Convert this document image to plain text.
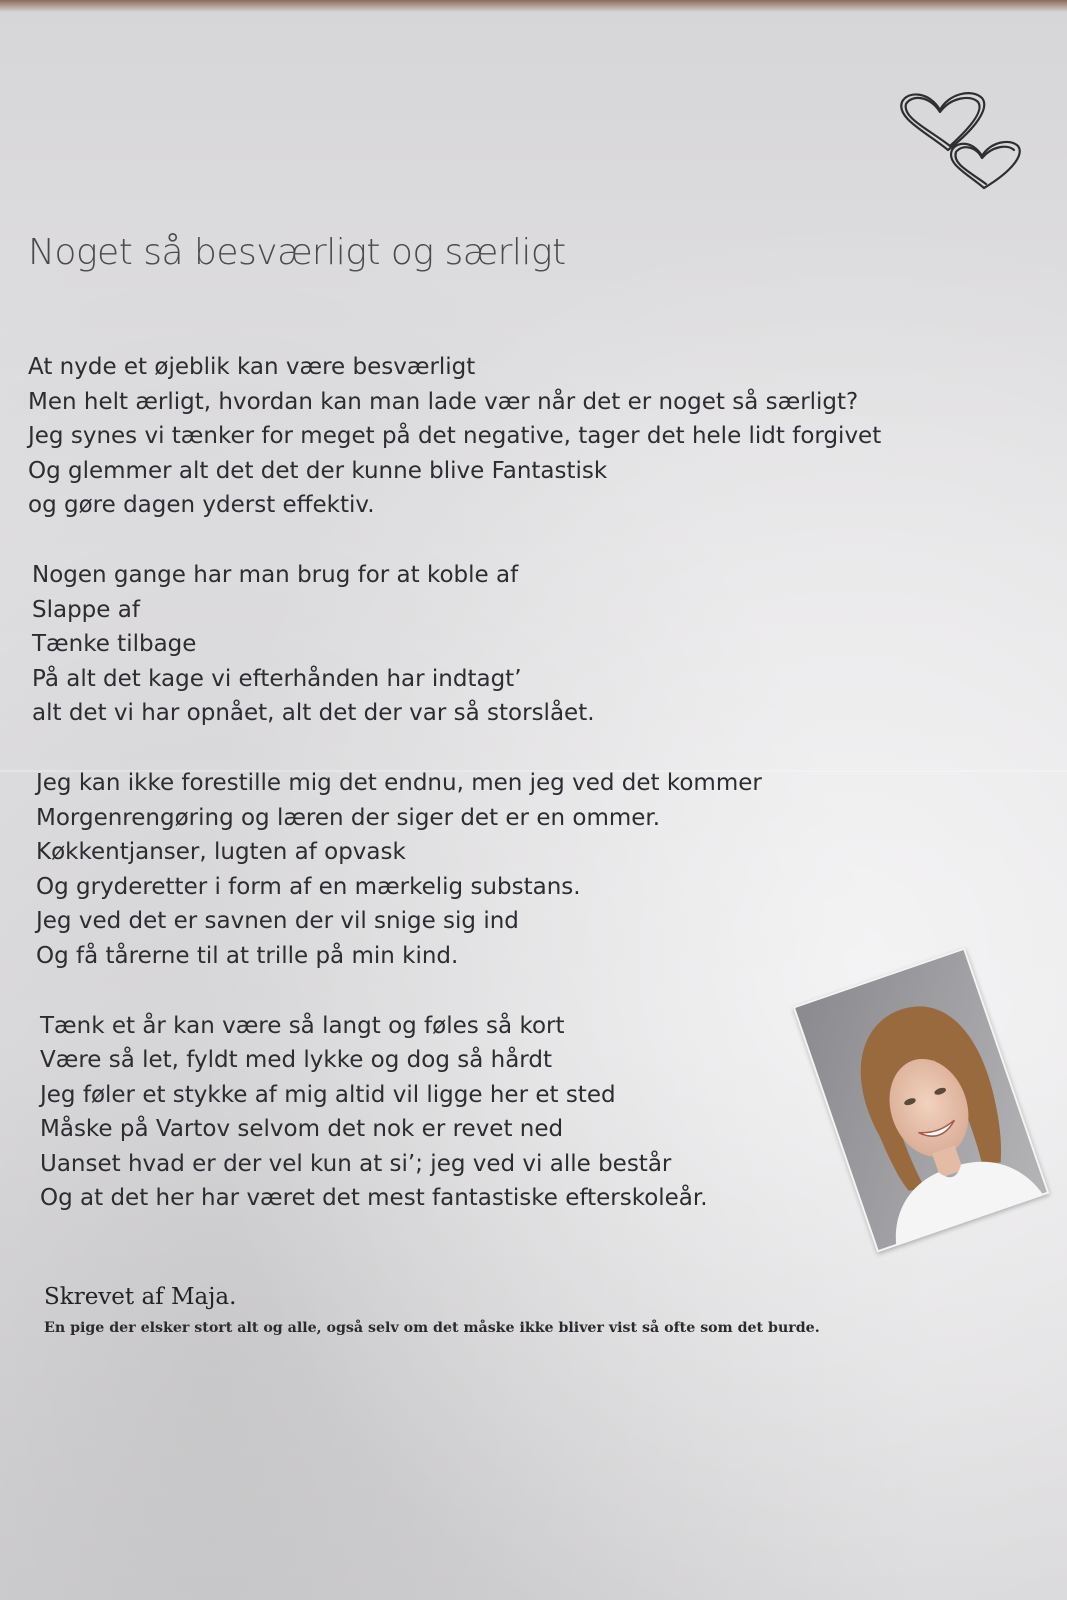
Noget så besværligt og særligt
At nyde et øjeblik kan være besværligt
Men helt ærligt, hvordan kan man lade vær når det er noget så særligt?
Jeg synes vi tænker for meget på det negative, tager det hele lidt forgivet
Og glemmer alt det det der kunne blive Fantastisk
og gøre dagen yderst effektiv.
Nogen gange har man brug for at koble af
Slappe af
Tænke tilbage
På alt det kage vi efterhånden har indtagt’
alt det vi har opnået, alt det der var så storslået.
Jeg kan ikke forestille mig det endnu, men jeg ved det kommer
Morgenrengøring og læren der siger det er en ommer.
Køkkentjanser, lugten af opvask
Og gryderetter i form af en mærkelig substans.
Jeg ved det er savnen der vil snige sig ind
Og få tårerne til at trille på min kind.
Tænk et år kan være så langt og føles så kort
Være så let, fyldt med lykke og dog så hårdt
Jeg føler et stykke af mig altid vil ligge her et sted
Måske på Vartov selvom det nok er revet ned
Uanset hvad er der vel kun at si’; jeg ved vi alle består
Og at det her har været det mest fantastiske efterskoleår.
Skrevet af Maja.
En pige der elsker stort alt og alle, også selv om det måske ikke bliver vist så ofte som det burde.
